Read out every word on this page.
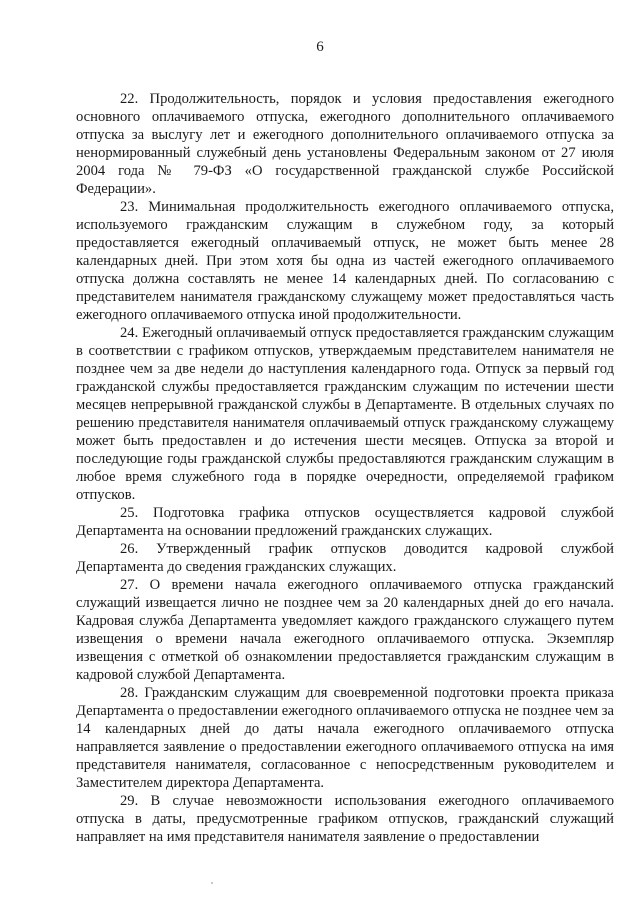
6

22. Продолжительность, порядок и условия предоставления ежегодного основного оплачиваемого отпуска, ежегодного дополнительного оплачиваемого отпуска за выслугу лет и ежегодного дополнительного оплачиваемого отпуска за ненормированный служебный день установлены Федеральным законом от 27 июля 2004 года № 79-ФЗ «О государственной гражданской службе Российской Федерации».

23. Минимальная продолжительность ежегодного оплачиваемого отпуска, используемого гражданским служащим в служебном году, за который предоставляется ежегодный оплачиваемый отпуск, не может быть менее 28 календарных дней. При этом хотя бы одна из частей ежегодного оплачиваемого отпуска должна составлять не менее 14 календарных дней. По согласованию с представителем нанимателя гражданскому служащему может предоставляться часть ежегодного оплачиваемого отпуска иной продолжительности.

24. Ежегодный оплачиваемый отпуск предоставляется гражданским служащим в соответствии с графиком отпусков, утверждаемым представителем нанимателя не позднее чем за две недели до наступления календарного года. Отпуск за первый год гражданской службы предоставляется гражданским служащим по истечении шести месяцев непрерывной гражданской службы в Департаменте. В отдельных случаях по решению представителя нанимателя оплачиваемый отпуск гражданскому служащему может быть предоставлен и до истечения шести месяцев. Отпуска за второй и последующие годы гражданской службы предоставляются гражданским служащим в любое время служебного года в порядке очередности, определяемой графиком отпусков.

25. Подготовка графика отпусков осуществляется кадровой службой Департамента на основании предложений гражданских служащих.

26. Утвержденный график отпусков доводится кадровой службой Департамента до сведения гражданских служащих.

27. О времени начала ежегодного оплачиваемого отпуска гражданский служащий извещается лично не позднее чем за 20 календарных дней до его начала. Кадровая служба Департамента уведомляет каждого гражданского служащего путем извещения о времени начала ежегодного оплачиваемого отпуска. Экземпляр извещения с отметкой об ознакомлении предоставляется гражданским служащим в кадровой службой Департамента.

28. Гражданским служащим для своевременной подготовки проекта приказа Департамента о предоставлении ежегодного оплачиваемого отпуска не позднее чем за 14 календарных дней до даты начала ежегодного оплачиваемого отпуска направляется заявление о предоставлении ежегодного оплачиваемого отпуска на имя представителя нанимателя, согласованное с непосредственным руководителем и Заместителем директора Департамента.

29. В случае невозможности использования ежегодного оплачиваемого отпуска в даты, предусмотренные графиком отпусков, гражданский служащий направляет на имя представителя нанимателя заявление о предоставлении
